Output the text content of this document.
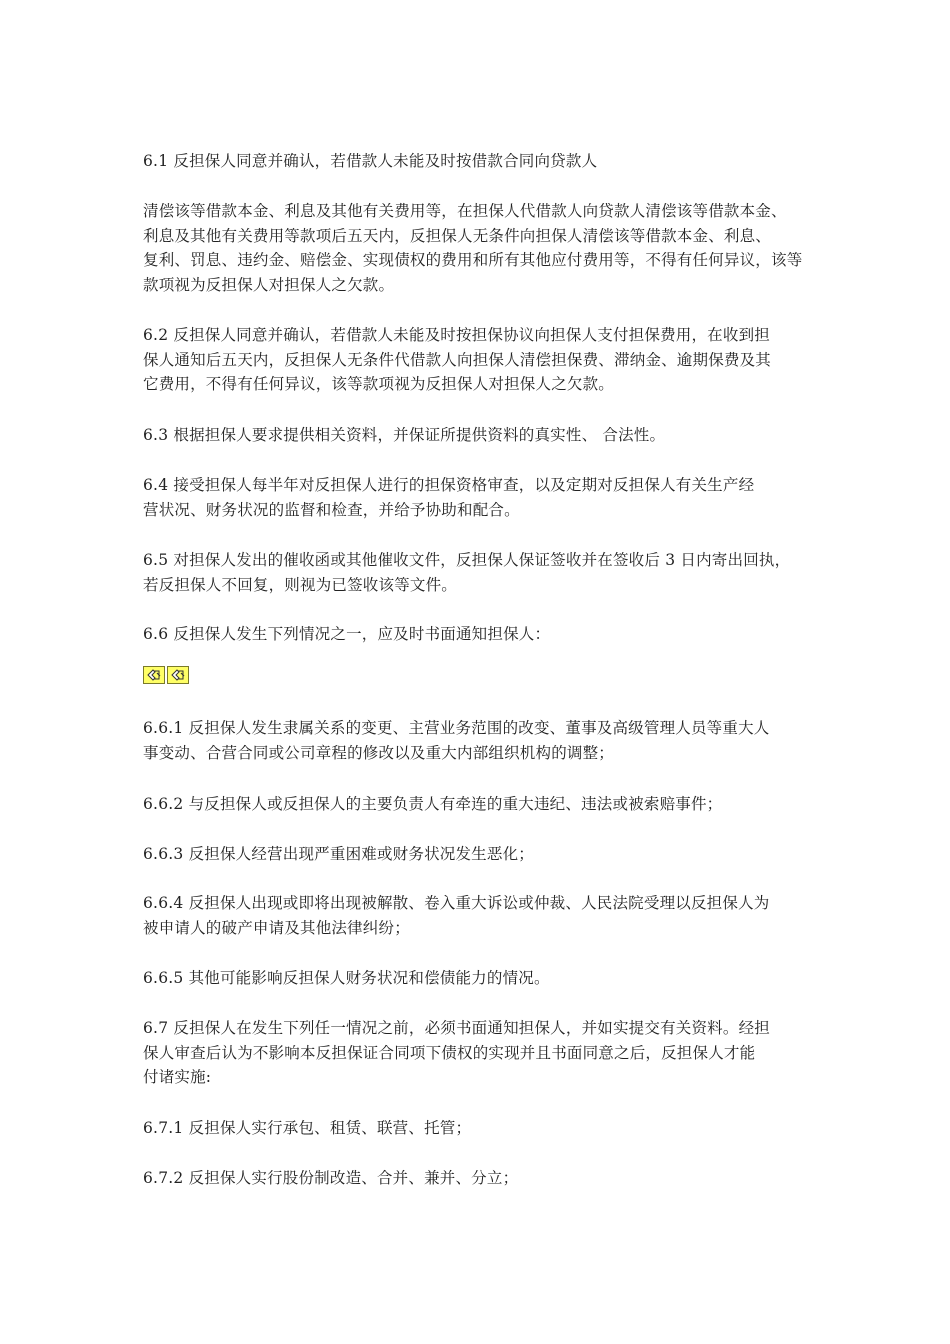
6.1 反担保人同意并确认，若借款人未能及时按借款合同向贷款人

清偿该等借款本金、利息及其他有关费用等，在担保人代借款人向贷款人清偿该等借款本金、
利息及其他有关费用等款项后五天内，反担保人无条件向担保人清偿该等借款本金、利息、
复利、罚息、违约金、赔偿金、实现债权的费用和所有其他应付费用等，不得有任何异议，该等
款项视为反担保人对担保人之欠款。

6.2 反担保人同意并确认，若借款人未能及时按担保协议向担保人支付担保费用，在收到担
保人通知后五天内，反担保人无条件代借款人向担保人清偿担保费、滞纳金、逾期保费及其
它费用，不得有任何异议，该等款项视为反担保人对担保人之欠款。

6.3 根据担保人要求提供相关资料，并保证所提供资料的真实性、 合法性。

6.4 接受担保人每半年对反担保人进行的担保资格审查，以及定期对反担保人有关生产经
营状况、财务状况的监督和检查，并给予协助和配合。

6.5 对担保人发出的催收函或其他催收文件，反担保人保证签收并在签收后 3 日内寄出回执，
若反担保人不回复，则视为已签收该等文件。

6.6 反担保人发生下列情况之一，应及时书面通知担保人：

6.6.1 反担保人发生隶属关系的变更、主营业务范围的改变、董事及高级管理人员等重大人
事变动、合营合同或公司章程的修改以及重大内部组织机构的调整；

6.6.2 与反担保人或反担保人的主要负责人有牵连的重大违纪、违法或被索赔事件；

6.6.3 反担保人经营出现严重困难或财务状况发生恶化；

6.6.4 反担保人出现或即将出现被解散、卷入重大诉讼或仲裁、人民法院受理以反担保人为
被申请人的破产申请及其他法律纠纷；

6.6.5 其他可能影响反担保人财务状况和偿债能力的情况。

6.7 反担保人在发生下列任一情况之前，必须书面通知担保人，并如实提交有关资料。经担
保人审查后认为不影响本反担保证合同项下债权的实现并且书面同意之后，反担保人才能
付诸实施:

6.7.1 反担保人实行承包、租赁、联营、托管；

6.7.2 反担保人实行股份制改造、合并、兼并、分立；
